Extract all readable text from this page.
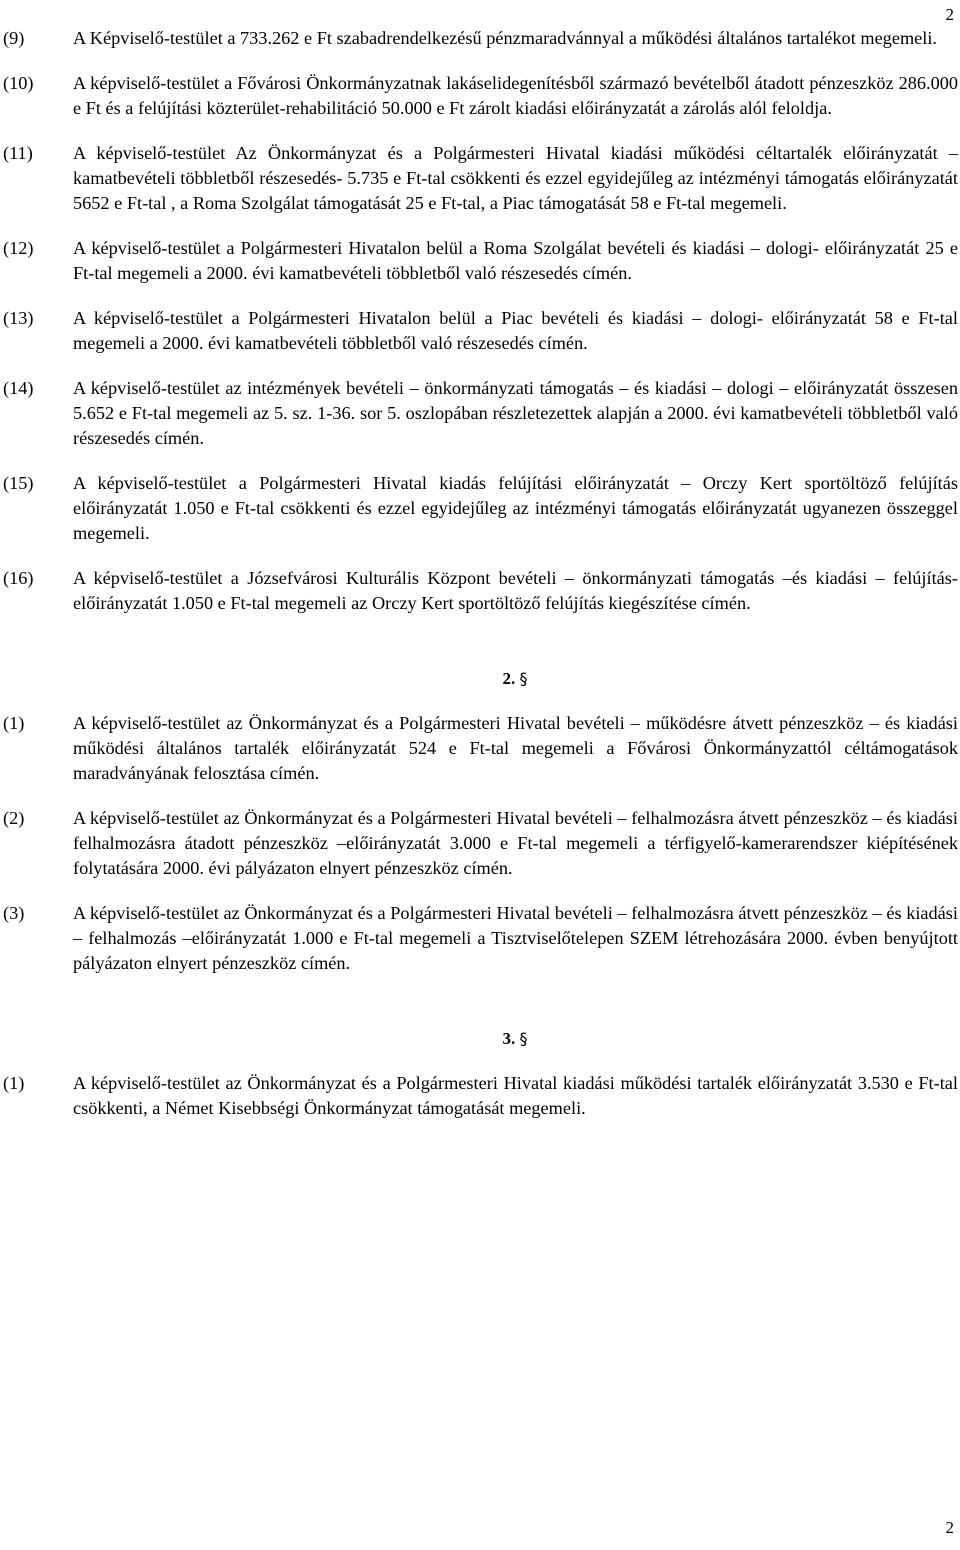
2
(9)	A Képviselő-testület a 733.262 e Ft szabadrendelkezésű pénzmaradvánnyal a működési általános tartalékot megemeli.
(10)	A képviselő-testület a Fővárosi Önkormányzatnak lakáselidegenítésből származó bevételből átadott pénzeszköz 286.000 e Ft és a felújítási közterület-rehabilitáció 50.000 e Ft zárolt kiadási előirányzatát a zárolás alól feloldja.
(11)	A képviselő-testület Az Önkormányzat és a Polgármesteri Hivatal kiadási működési céltartalék előirányzatát – kamatbevételi többletből részesedés- 5.735 e Ft-tal csökkenti és ezzel egyidejűleg az intézményi támogatás előirányzatát 5652 e Ft-tal , a Roma Szolgálat támogatását 25 e Ft-tal, a Piac támogatását 58 e Ft-tal megemeli.
(12)	A képviselő-testület a Polgármesteri Hivatalon belül a Roma Szolgálat bevételi és kiadási – dologi- előirányzatát 25 e Ft-tal megemeli a 2000. évi kamatbevételi többletből való részesedés címén.
(13)	A képviselő-testület a Polgármesteri Hivatalon belül a Piac bevételi és kiadási – dologi- előirányzatát 58 e Ft-tal megemeli a 2000. évi kamatbevételi többletből való részesedés címén.
(14)	A képviselő-testület az intézmények bevételi – önkormányzati támogatás – és kiadási – dologi – előirányzatát összesen 5.652 e Ft-tal megemeli az 5. sz. 1-36. sor 5. oszlopában részletezettek alapján a 2000. évi kamatbevételi többletből való részesedés címén.
(15)	A képviselő-testület a Polgármesteri Hivatal kiadás felújítási előirányzatát – Orczy Kert sportöltöző felújítás előirányzatát 1.050 e Ft-tal csökkenti és ezzel egyidejűleg az intézményi támogatás előirányzatát ugyanezen összeggel megemeli.
(16)	A képviselő-testület a Józsefvárosi Kulturális Központ bevételi – önkormányzati támogatás –és kiadási – felújítás- előirányzatát 1.050 e Ft-tal megemeli az Orczy Kert sportöltöző felújítás kiegészítése címén.
2. §
(1)	A képviselő-testület az Önkormányzat és a Polgármesteri Hivatal bevételi – működésre átvett pénzeszköz – és kiadási működési általános tartalék előirányzatát 524 e Ft-tal megemeli a Fővárosi Önkormányzattól céltámogatások maradványának felosztása címén.
(2)	A képviselő-testület az Önkormányzat és a Polgármesteri Hivatal bevételi – felhalmozásra átvett pénzeszköz – és kiadási felhalmozásra átadott pénzeszköz –előirányzatát 3.000 e Ft-tal megemeli a térfigyelő-kamerarendszer kiépítésének folytatására 2000. évi pályázaton elnyert pénzeszköz címén.
(3)	A képviselő-testület az Önkormányzat és a Polgármesteri Hivatal bevételi – felhalmozásra átvett pénzeszköz – és kiadási – felhalmozás –előirányzatát 1.000 e Ft-tal megemeli a Tisztviselőtelepen SZEM létrehozására 2000. évben benyújtott pályázaton elnyert pénzeszköz címén.
3. §
(1)	A képviselő-testület az Önkormányzat és a Polgármesteri Hivatal kiadási működési tartalék előirányzatát 3.530 e Ft-tal csökkenti, a Német Kisebbségi Önkormányzat támogatását megemeli.
2
